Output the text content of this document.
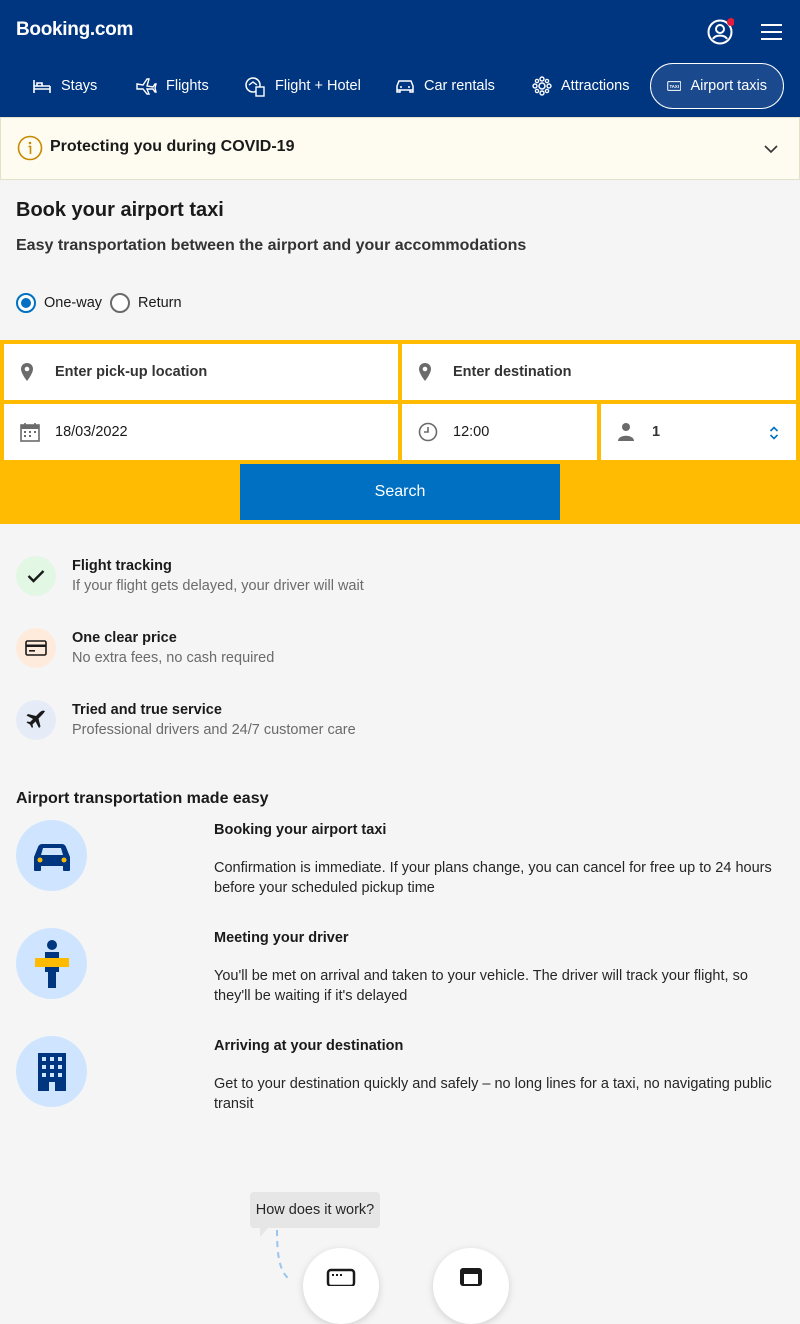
Booking.com
Stays	Flights	Flight + Hotel	Car rentals	Attractions	TAXI Airport taxis
Protecting you during COVID-19
Book your airport taxi
Easy transportation between the airport and your accommodations
One-way Return
Enter pick-up location	Enter destination
18/03/2022	12:00	1
Search
Flight tracking
If your flight gets delayed, your driver will wait
One clear price
No extra fees, no cash required
Tried and true service
Professional drivers and 24/7 customer care
Airport transportation made easy
Booking your airport taxi
Confirmation is immediate. If your plans change, you can cancel for free up to 24 hours before your scheduled pickup time
Meeting your driver
You'll be met on arrival and taken to your vehicle. The driver will track your flight, so they'll be waiting if it's delayed
Arriving at your destination
Get to your destination quickly and safely – no long lines for a taxi, no navigating public transit
How does it work?
